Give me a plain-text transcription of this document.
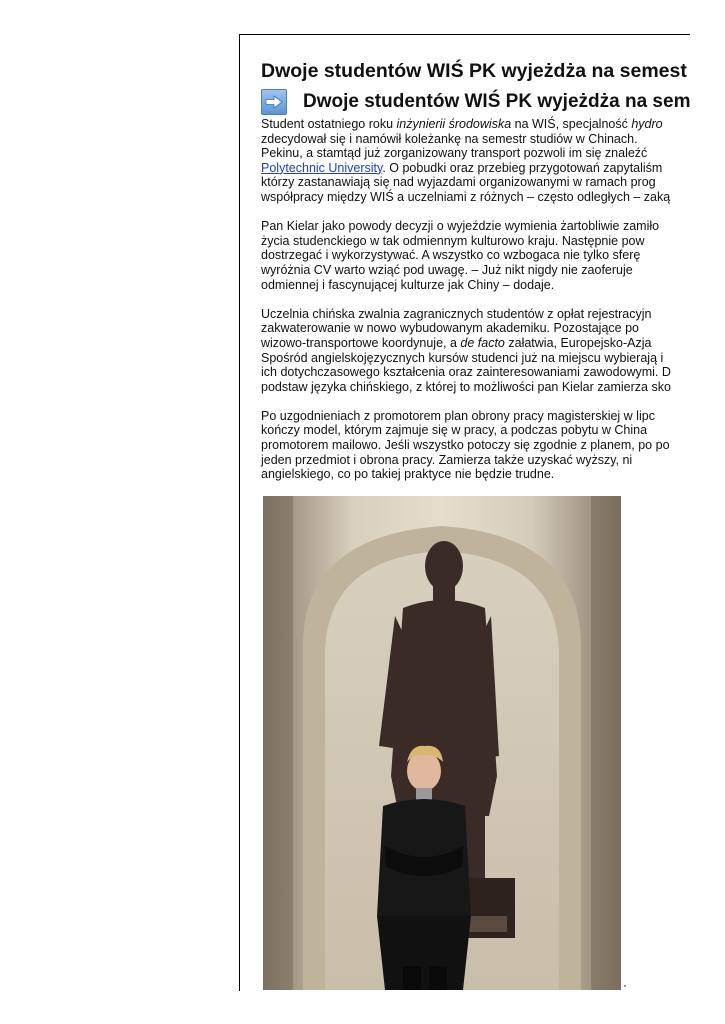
Dwoje studentów WIŚ PK wyjeżdża na semest
Dwoje studentów WIŚ PK wyjeżdża na sem

Student ostatniego roku inżynierii środowiska na WIŚ, specjalność hydro
zdecydował się i namówił koleżankę na semestr studiów w Chinach.
Pekinu, a stamtąd już zorganizowany transport pozwoli im się znaleźć
Polytechnic University. O pobudki oraz przebieg przygotowań zapytaliśm
którzy zastanawiają się nad wyjazdami organizowanymi w ramach prog
współpracy między WIŚ a uczelniami z różnych – często odległych – zaką

Pan Kielar jako powody decyzji o wyjeździe wymienia żartobliwie zamiło
życia studenckiego w tak odmiennym kulturowo kraju. Następnie pow
dostrzegać i wykorzystywać. A wszystko co wzbogaca nie tylko sferę
wyróżnia CV warto wziąć pod uwagę. – Już nikt nigdy nie zaoferuje
odmiennej i fascynującej kulturze jak Chiny – dodaje.

Uczelnia chińska zwalnia zagranicznych studentów z opłat rejestracyjn
zakwaterowanie w nowo wybudowanym akademiku. Pozostające po
wizowo-transportowe koordynuje, a de facto załatwia, Europejsko-Azja
Spośród angielskojęzycznych kursów studenci już na miejscu wybierają i
ich dotychczasowego kształcenia oraz zainteresowaniami zawodowymi. D
podstaw języka chińskiego, z której to możliwości pan Kielar zamierza sko

Po uzgodnieniach z promotorem plan obrony pracy magisterskiej w lipc
kończy model, którym zajmuje się w pracy, a podczas pobytu w China
promotorem mailowo. Jeśli wszystko potoczy się zgodnie z planem, po po
jeden przedmiot i obrona pracy. Zamierza także uzyskać wyższy, ni
angielskiego, co po takiej praktyce nie będzie trudne.
